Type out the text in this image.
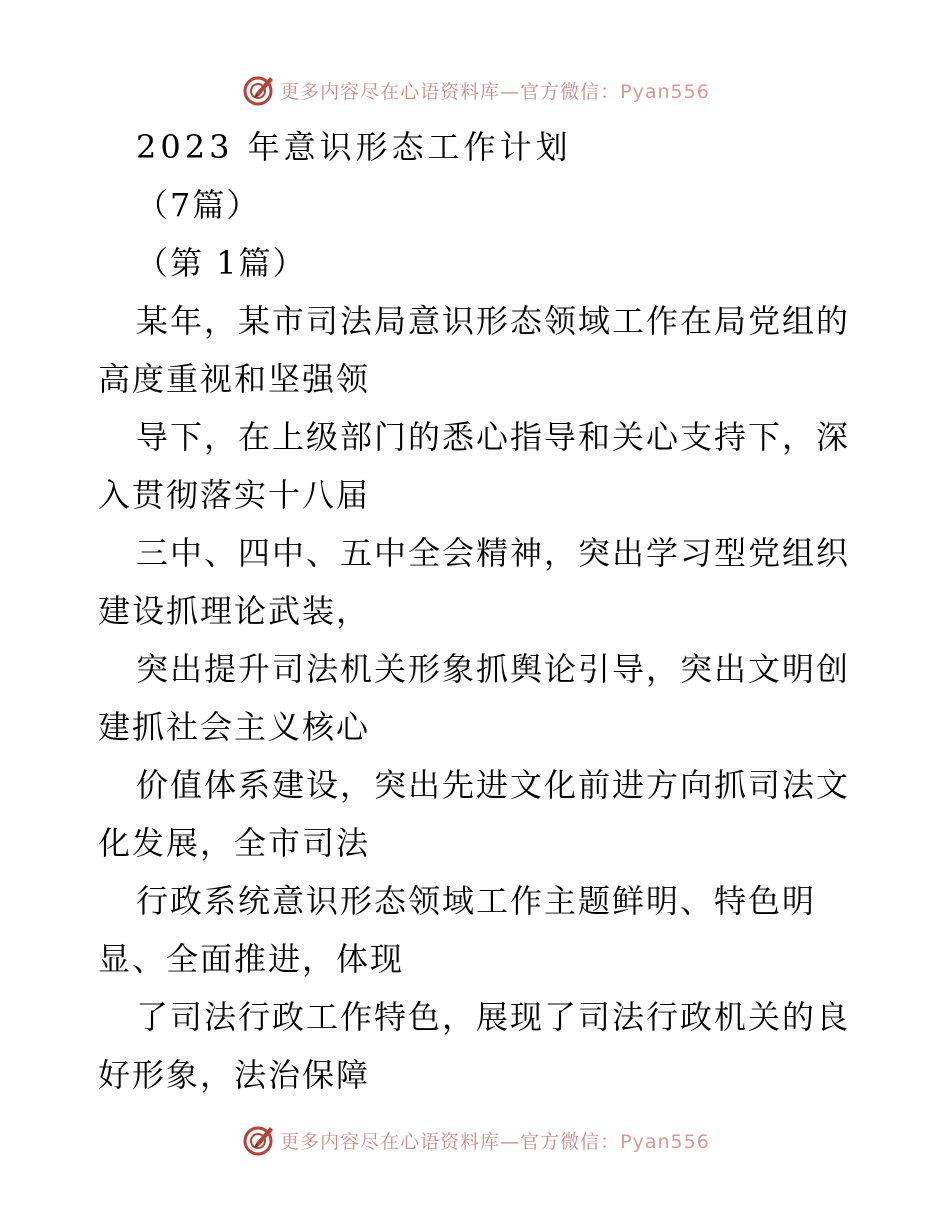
更多内容尽在心语资料库—官方微信：Pyan556

2023 年意识形态工作计划

（7篇）

（第 1篇）

某年，某市司法局意识形态领域工作在局党组的

高度重视和坚强领

导下，在上级部门的悉心指导和关心支持下，深

入贯彻落实十八届

三中、四中、五中全会精神，突出学习型党组织

建设抓理论武装，

突出提升司法机关形象抓舆论引导，突出文明创

建抓社会主义核心

价值体系建设，突出先进文化前进方向抓司法文

化发展，全市司法

行政系统意识形态领域工作主题鲜明、特色明

显、全面推进，体现

了司法行政工作特色，展现了司法行政机关的良

好形象，法治保障

更多内容尽在心语资料库—官方微信：Pyan556
